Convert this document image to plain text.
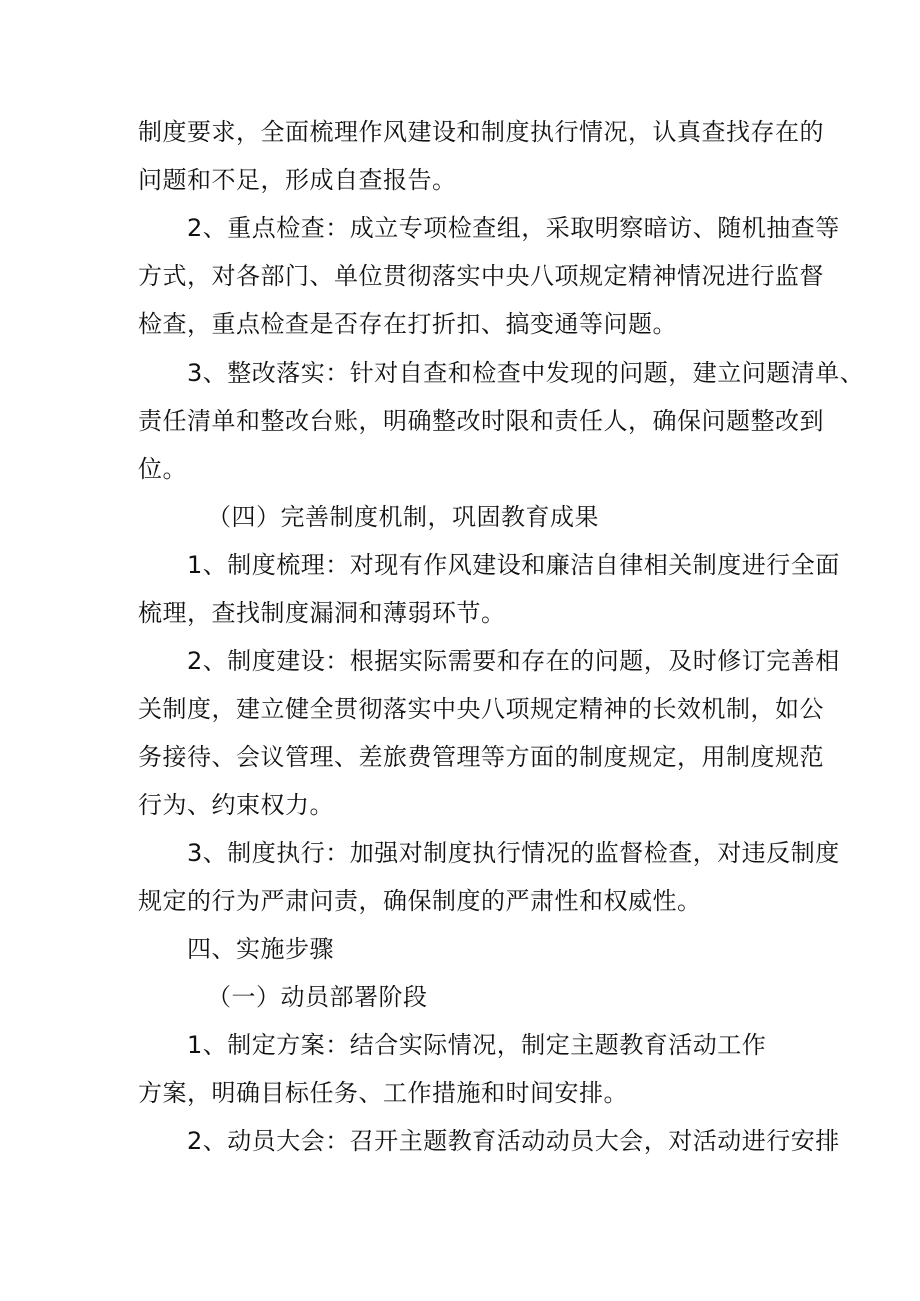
制度要求，全面梳理作风建设和制度执行情况，认真查找存在的
问题和不足，形成自查报告。
2、重点检查：成立专项检查组，采取明察暗访、随机抽查等
方式，对各部门、单位贯彻落实中央八项规定精神情况进行监督
检查，重点检查是否存在打折扣、搞变通等问题。
3、整改落实：针对自查和检查中发现的问题，建立问题清单、
责任清单和整改台账，明确整改时限和责任人，确保问题整改到
位。
（四）完善制度机制，巩固教育成果
1、制度梳理：对现有作风建设和廉洁自律相关制度进行全面
梳理，查找制度漏洞和薄弱环节。
2、制度建设：根据实际需要和存在的问题，及时修订完善相
关制度，建立健全贯彻落实中央八项规定精神的长效机制，如公
务接待、会议管理、差旅费管理等方面的制度规定，用制度规范
行为、约束权力。
3、制度执行：加强对制度执行情况的监督检查，对违反制度
规定的行为严肃问责，确保制度的严肃性和权威性。
四、实施步骤
（一）动员部署阶段
1、制定方案：结合实际情况，制定主题教育活动工作
方案，明确目标任务、工作措施和时间安排。
2、动员大会：召开主题教育活动动员大会，对活动进行安排
